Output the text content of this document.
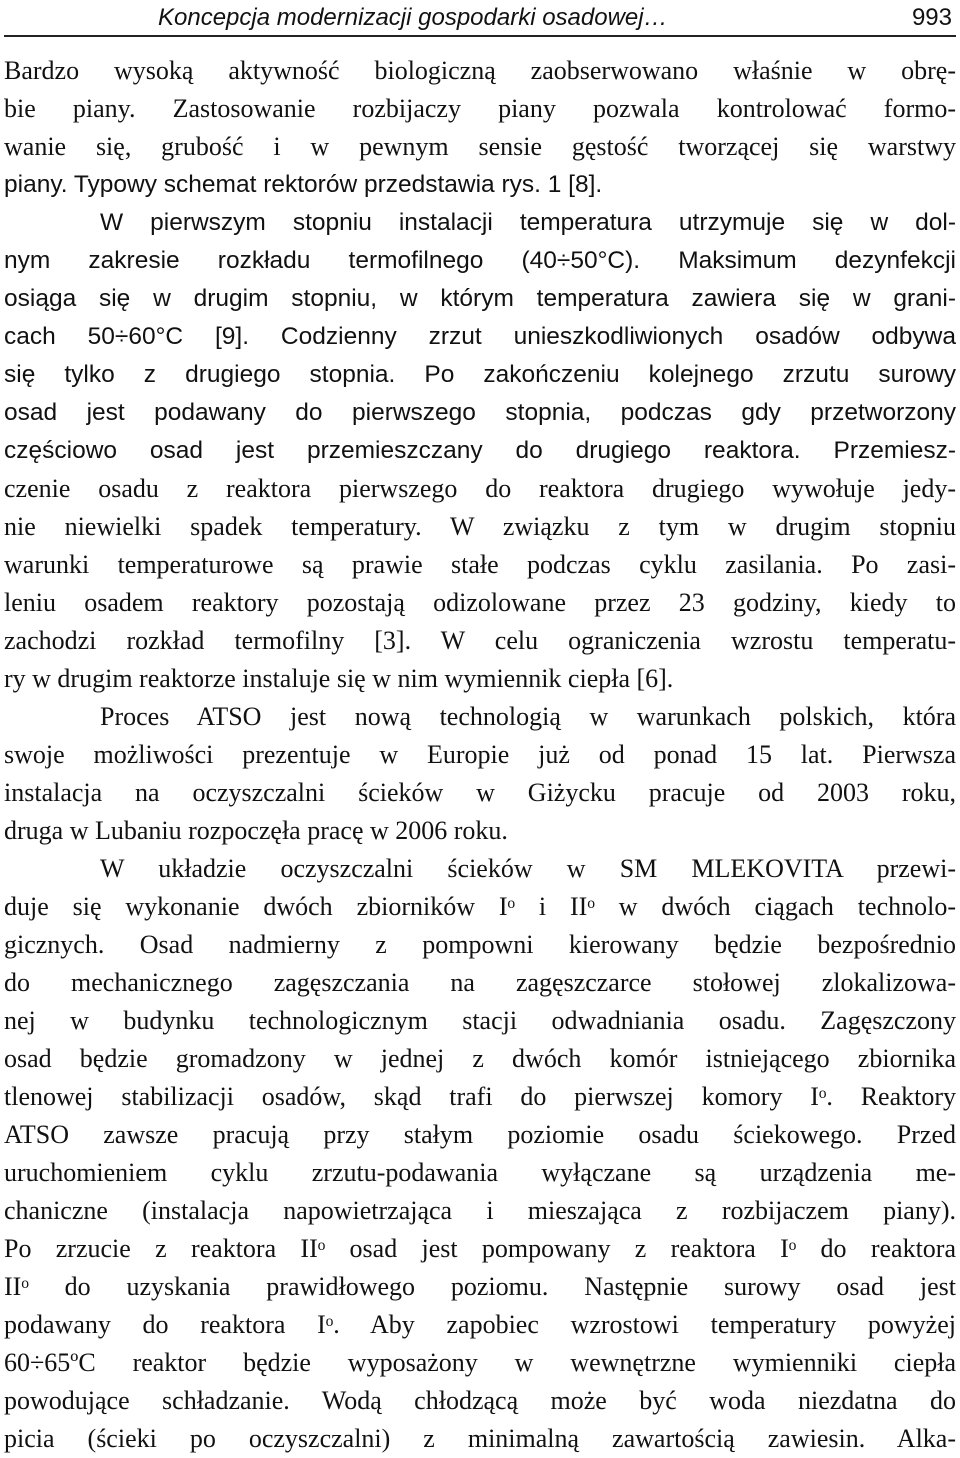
Koncepcja modernizacji gospodarki osadowej…	993
Bardzo wysoką aktywność biologiczną zaobserwowano właśnie w obrę-
bie piany. Zastosowanie rozbijaczy piany pozwala kontrolować formo-
wanie się, grubość i w pewnym sensie gęstość tworzącej się warstwy
piany. Typowy schemat rektorów przedstawia rys. 1 [8].
W pierwszym stopniu instalacji temperatura utrzymuje się w dol-
nym zakresie rozkładu termofilnego (40÷50°C). Maksimum dezynfekcji
osiąga się w drugim stopniu, w którym temperatura zawiera się w grani-
cach 50÷60°C [9]. Codzienny zrzut unieszkodliwionych osadów odbywa
się tylko z drugiego stopnia. Po zakończeniu kolejnego zrzutu surowy
osad jest podawany do pierwszego stopnia, podczas gdy przetworzony
częściowo osad jest przemieszczany do drugiego reaktora. Przemiesz-
czenie osadu z reaktora pierwszego do reaktora drugiego wywołuje jedy-
nie niewielki spadek temperatury. W związku z tym w drugim stopniu
warunki temperaturowe są prawie stałe podczas cyklu zasilania. Po zasi-
leniu osadem reaktory pozostają odizolowane przez 23 godziny, kiedy to
zachodzi rozkład termofilny [3]. W celu ograniczenia wzrostu temperatu-
ry w drugim reaktorze instaluje się w nim wymiennik ciepła [6].
Proces ATSO jest nową technologią w warunkach polskich, która
swoje możliwości prezentuje w Europie już od ponad 15 lat. Pierwsza
instalacja na oczyszczalni ścieków w Giżycku pracuje od 2003 roku,
druga w Lubaniu rozpoczęła pracę w 2006 roku.
W układzie oczyszczalni ścieków w SM MLEKOVITA przewi-
duje się wykonanie dwóch zbiorników Iᵒ i IIᵒ w dwóch ciągach technolo-
gicznych. Osad nadmierny z pompowni kierowany będzie bezpośrednio
do mechanicznego zagęszczania na zagęszczarce stołowej zlokalizowa-
nej w budynku technologicznym stacji odwadniania osadu. Zagęszczony
osad będzie gromadzony w jednej z dwóch komór istniejącego zbiornika
tlenowej stabilizacji osadów, skąd trafi do pierwszej komory Iᵒ. Reaktory
ATSO zawsze pracują przy stałym poziomie osadu ściekowego. Przed
uruchomieniem cyklu zrzutu-podawania wyłączane są urządzenia me-
chaniczne (instalacja napowietrzająca i mieszająca z rozbijaczem piany).
Po zrzucie z reaktora IIᵒ osad jest pompowany z reaktora Iᵒ do reaktora
IIᵒ do uzyskania prawidłowego poziomu. Następnie surowy osad jest
podawany do reaktora Iᵒ. Aby zapobiec wzrostowi temperatury powyżej
60÷65ºC reaktor będzie wyposażony w wewnętrzne wymienniki ciepła
powodujące schładzanie. Wodą chłodzącą może być woda niezdatna do
picia (ścieki po oczyszczalni) z minimalną zawartością zawiesin. Alka-
